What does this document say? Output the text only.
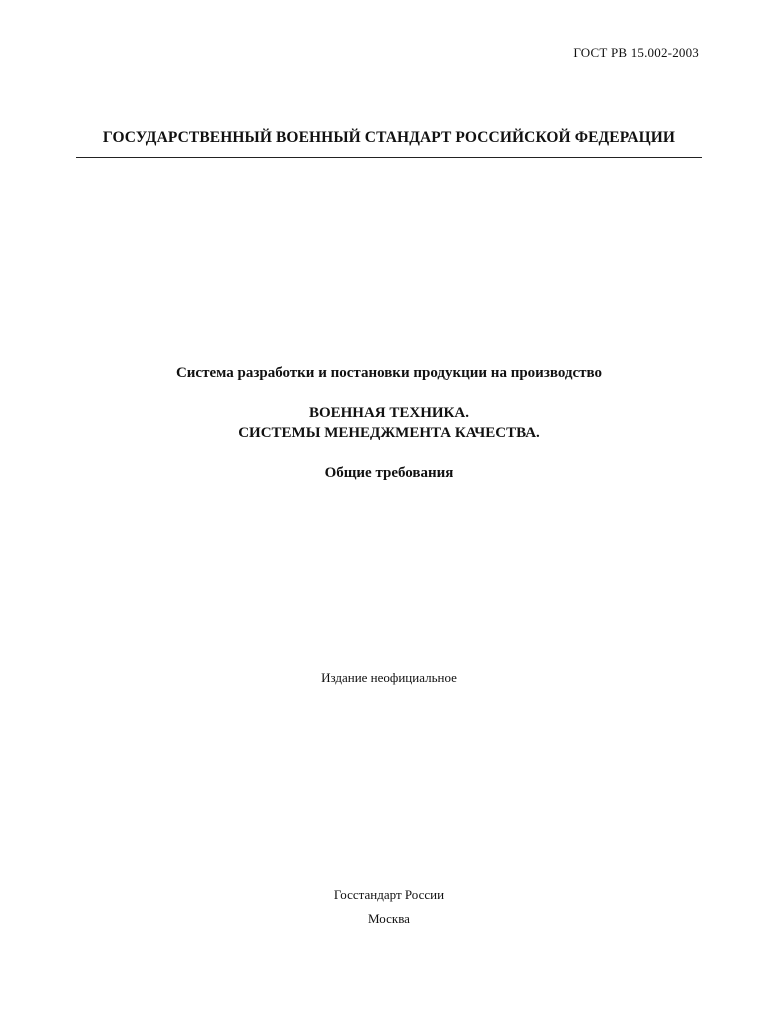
ГОСТ РВ 15.002-2003
ГОСУДАРСТВЕННЫЙ ВОЕННЫЙ СТАНДАРТ РОССИЙСКОЙ ФЕДЕРАЦИИ
Система разработки и постановки продукции на производство
ВОЕННАЯ ТЕХНИКА.
СИСТЕМЫ МЕНЕДЖМЕНТА КАЧЕСТВА.
Общие требования
Издание неофициальное
Госстандарт России
Москва
